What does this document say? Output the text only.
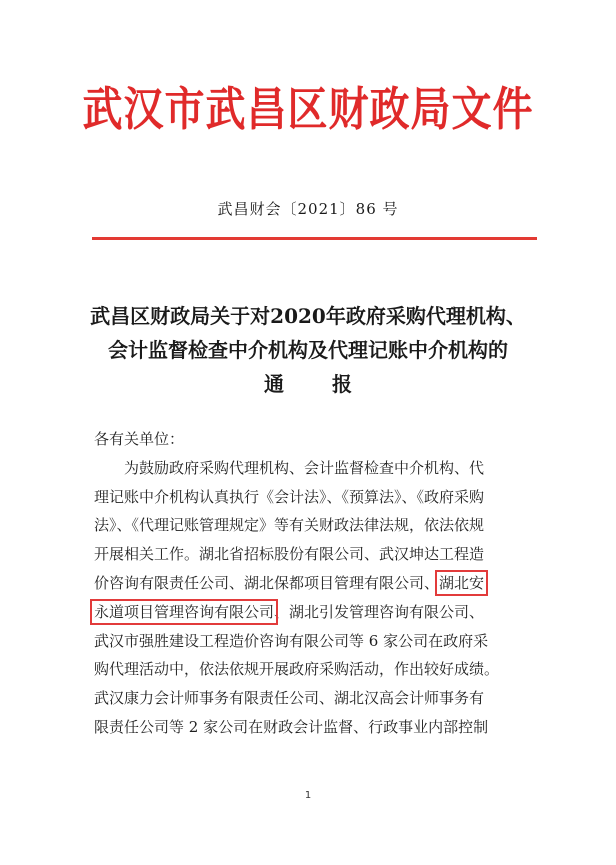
武汉市武昌区财政局文件
武昌财会〔2021〕86 号
武昌区财政局关于对2020年政府采购代理机构、
会计监督检查中介机构及代理记账中介机构的
通报

各有关单位：

为鼓励政府采购代理机构、会计监督检查中介机构、代

理记账中介机构认真执行《会计法》、《预算法》、《政府采购

法》、《代理记账管理规定》等有关财政法律法规，依法依规

开展相关工作。湖北省招标股份有限公司、武汉坤达工程造

价咨询有限责任公司、湖北保都项目管理有限公司、湖北安

永道项目管理咨询有限公司、湖北引发管理咨询有限公司、

武汉市强胜建设工程造价咨询有限公司等 6 家公司在政府采

购代理活动中，依法依规开展政府采购活动，作出较好成绩。

武汉康力会计师事务有限责任公司、湖北汉高会计师事务有

限责任公司等 2 家公司在财政会计监督、行政事业内部控制

1
